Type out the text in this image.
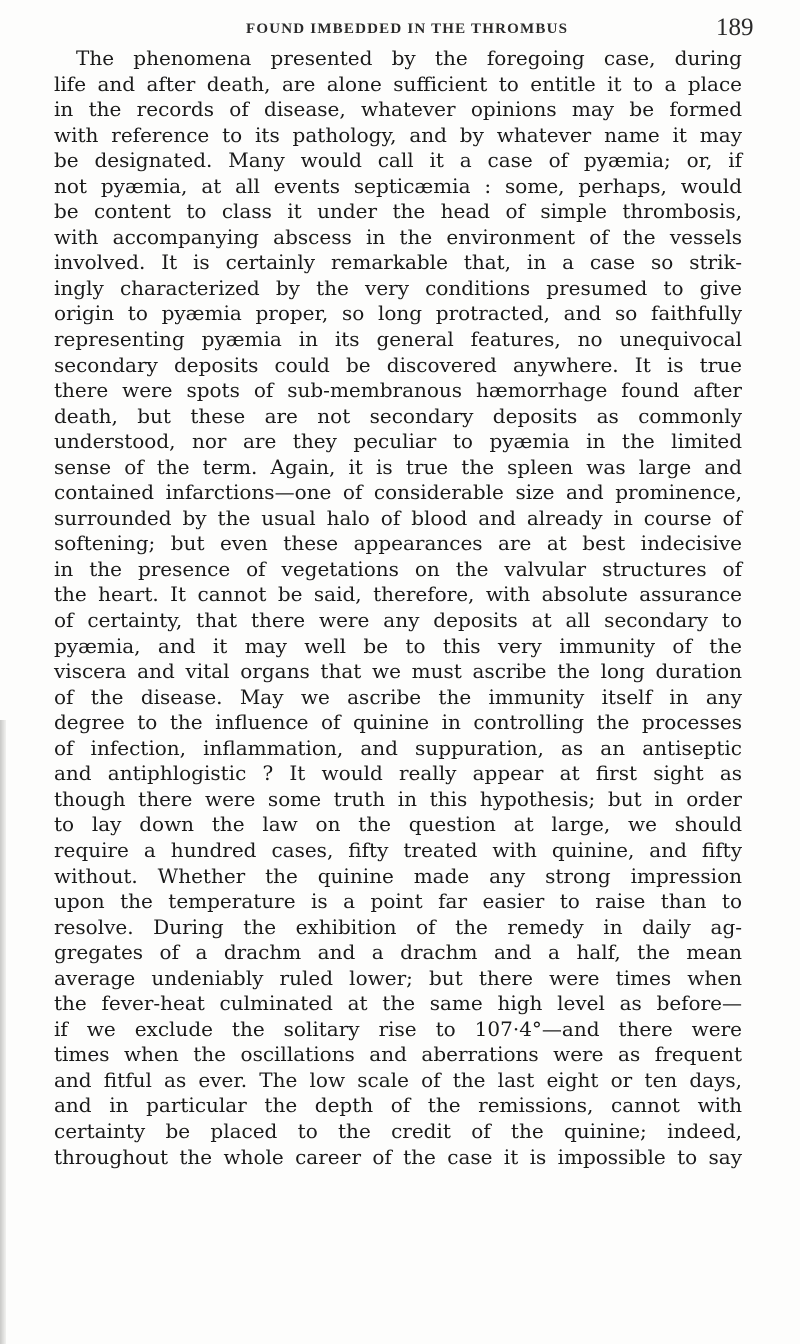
FOUND IMBEDDED IN THE THROMBUS	189
The phenomena presented by the foregoing case, during
life and after death, are alone sufficient to entitle it to a place
in the records of disease, whatever opinions may be formed
with reference to its pathology, and by whatever name it may
be designated. Many would call it a case of pyæmia; or, if
not pyæmia, at all events septicæmia : some, perhaps, would
be content to class it under the head of simple thrombosis,
with accompanying abscess in the environment of the vessels
involved. It is certainly remarkable that, in a case so strik-
ingly characterized by the very conditions presumed to give
origin to pyæmia proper, so long protracted, and so faithfully
representing pyæmia in its general features, no unequivocal
secondary deposits could be discovered anywhere. It is true
there were spots of sub-membranous hæmorrhage found after
death, but these are not secondary deposits as commonly
understood, nor are they peculiar to pyæmia in the limited
sense of the term. Again, it is true the spleen was large and
contained infarctions—one of considerable size and prominence,
surrounded by the usual halo of blood and already in course of
softening; but even these appearances are at best indecisive
in the presence of vegetations on the valvular structures of
the heart. It cannot be said, therefore, with absolute assurance
of certainty, that there were any deposits at all secondary to
pyæmia, and it may well be to this very immunity of the
viscera and vital organs that we must ascribe the long duration
of the disease. May we ascribe the immunity itself in any
degree to the influence of quinine in controlling the processes
of infection, inflammation, and suppuration, as an antiseptic
and antiphlogistic ? It would really appear at first sight as
though there were some truth in this hypothesis; but in order
to lay down the law on the question at large, we should
require a hundred cases, fifty treated with quinine, and fifty
without. Whether the quinine made any strong impression
upon the temperature is a point far easier to raise than to
resolve. During the exhibition of the remedy in daily ag-
gregates of a drachm and a drachm and a half, the mean
average undeniably ruled lower; but there were times when
the fever-heat culminated at the same high level as before—
if we exclude the solitary rise to 107·4°—and there were
times when the oscillations and aberrations were as frequent
and fitful as ever. The low scale of the last eight or ten days,
and in particular the depth of the remissions, cannot with
certainty be placed to the credit of the quinine; indeed,
throughout the whole career of the case it is impossible to say
